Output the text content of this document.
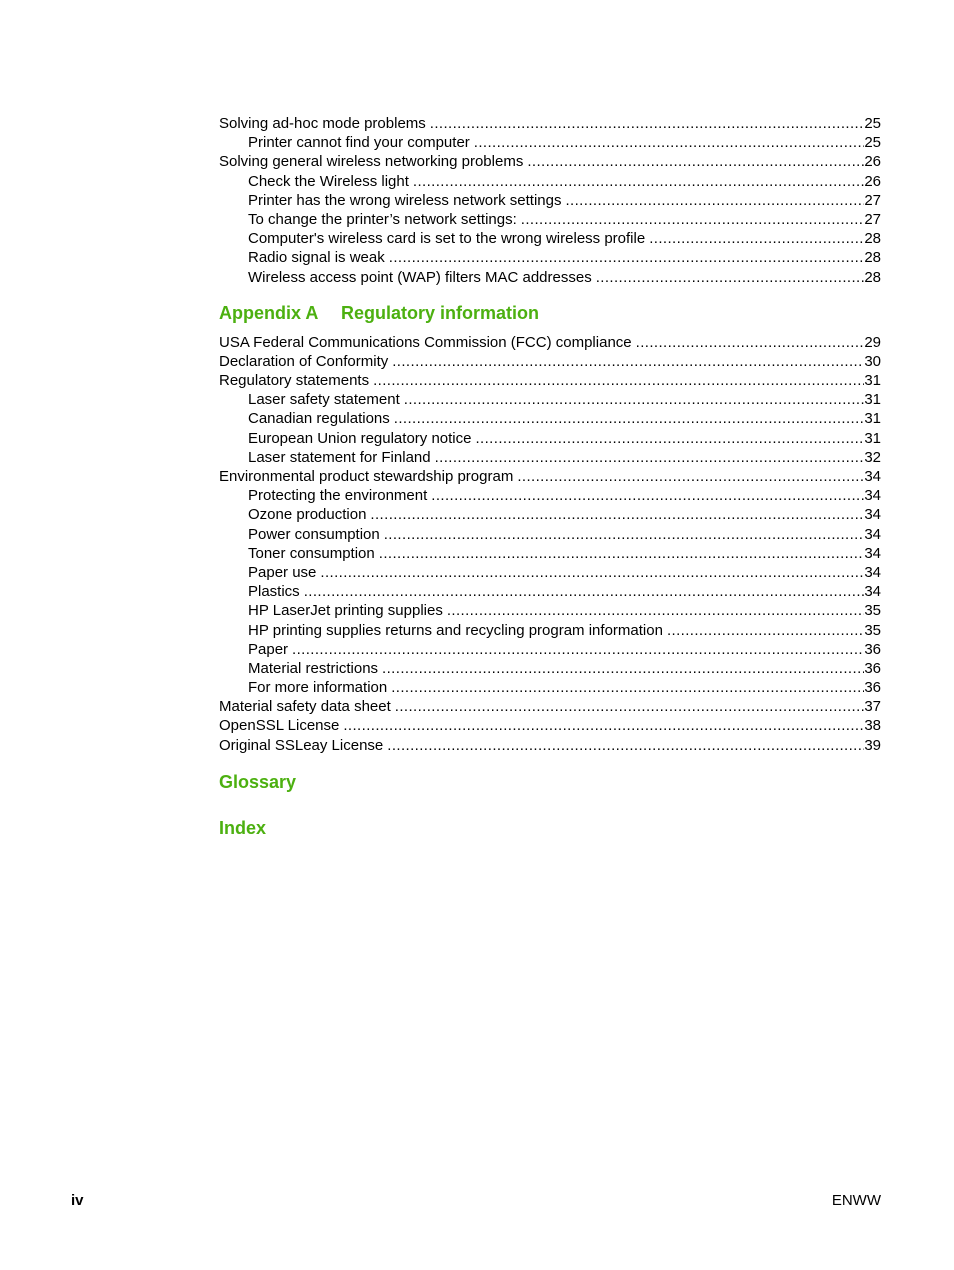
Solving ad-hoc mode problems .....	25
Printer cannot find your computer .....	25
Solving general wireless networking problems .....	26
Check the Wireless light .....	26
Printer has the wrong wireless network settings .....	27
To change the printer’s network settings: .....	27
Computer's wireless card is set to the wrong wireless profile .....	28
Radio signal is weak .....	28
Wireless access point (WAP) filters MAC addresses .....	28
Appendix A Regulatory information
USA Federal Communications Commission (FCC) compliance .....	29
Declaration of Conformity .....	30
Regulatory statements .....	31
Laser safety statement .....	31
Canadian regulations .....	31
European Union regulatory notice .....	31
Laser statement for Finland .....	32
Environmental product stewardship program .....	34
Protecting the environment .....	34
Ozone production .....	34
Power consumption .....	34
Toner consumption .....	34
Paper use .....	34
Plastics .....	34
HP LaserJet printing supplies .....	35
HP printing supplies returns and recycling program information .....	35
Paper .....	36
Material restrictions .....	36
For more information .....	36
Material safety data sheet .....	37
OpenSSL License .....	38
Original SSLeay License .....	39
Glossary
Index
iv	ENWW
